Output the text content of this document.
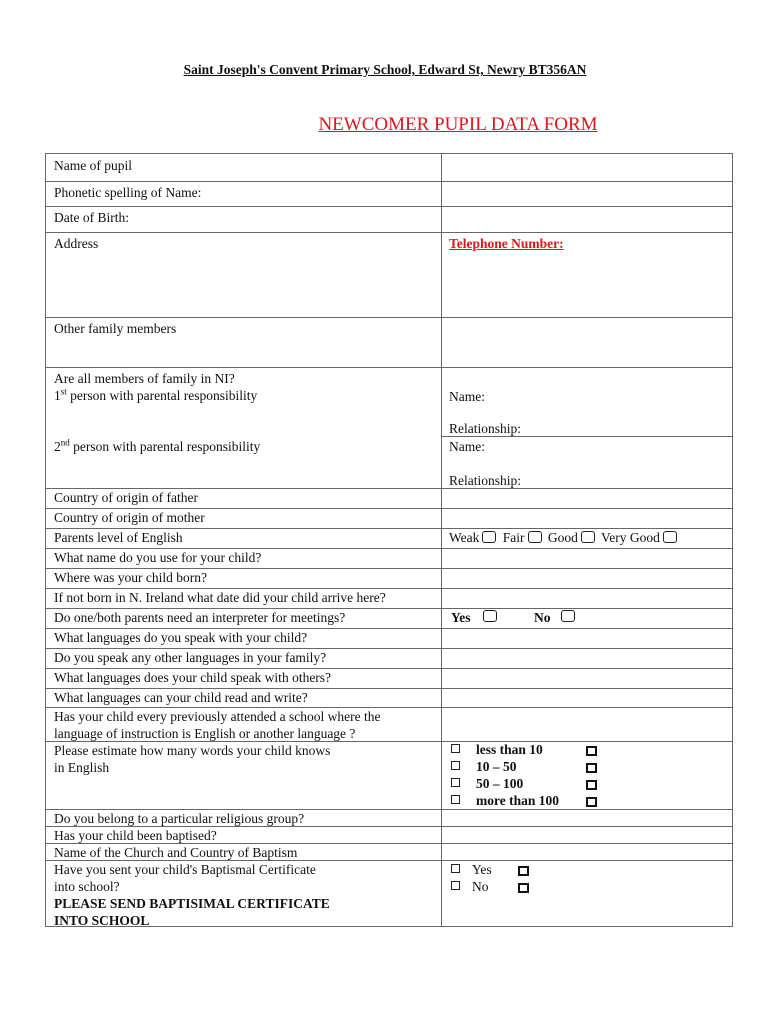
Saint Joseph's Convent Primary School, Edward St, Newry BT356AN
NEWCOMER PUPIL DATA FORM
Name of pupil
Phonetic spelling of Name:
Date of Birth:
Address
Other family members
Are all members of family in NI?
1st person with parental responsibility
2nd person with parental responsibility
Country of origin of father
Country of origin of mother
Parents level of English
What name do you use for your child?
Where was your child born?
If not born in N. Ireland what date did your child arrive here?
Do one/both parents need an interpreter for meetings?
What languages do you speak with your child?
Do you speak any other languages in your family?
What languages does your child speak with others?
What languages can your child read and write?
Has your child every previously attended a school where the
language of instruction is English or another language ?
Please estimate how many words your child knows
in English
Do you belong to a particular religious group?
Has your child been baptised?
Name of the Church and Country of Baptism
Have you sent your child's Baptismal Certificate
into school?
PLEASE SEND BAPTISIMAL CERTIFICATE
INTO SCHOOL
Telephone Number:
Name:
Relationship:
Name:
Relationship:
Weak Fair Good Very Good
Yes	No
less than 10
10 – 50
50 – 100
more than 100
Yes
No
